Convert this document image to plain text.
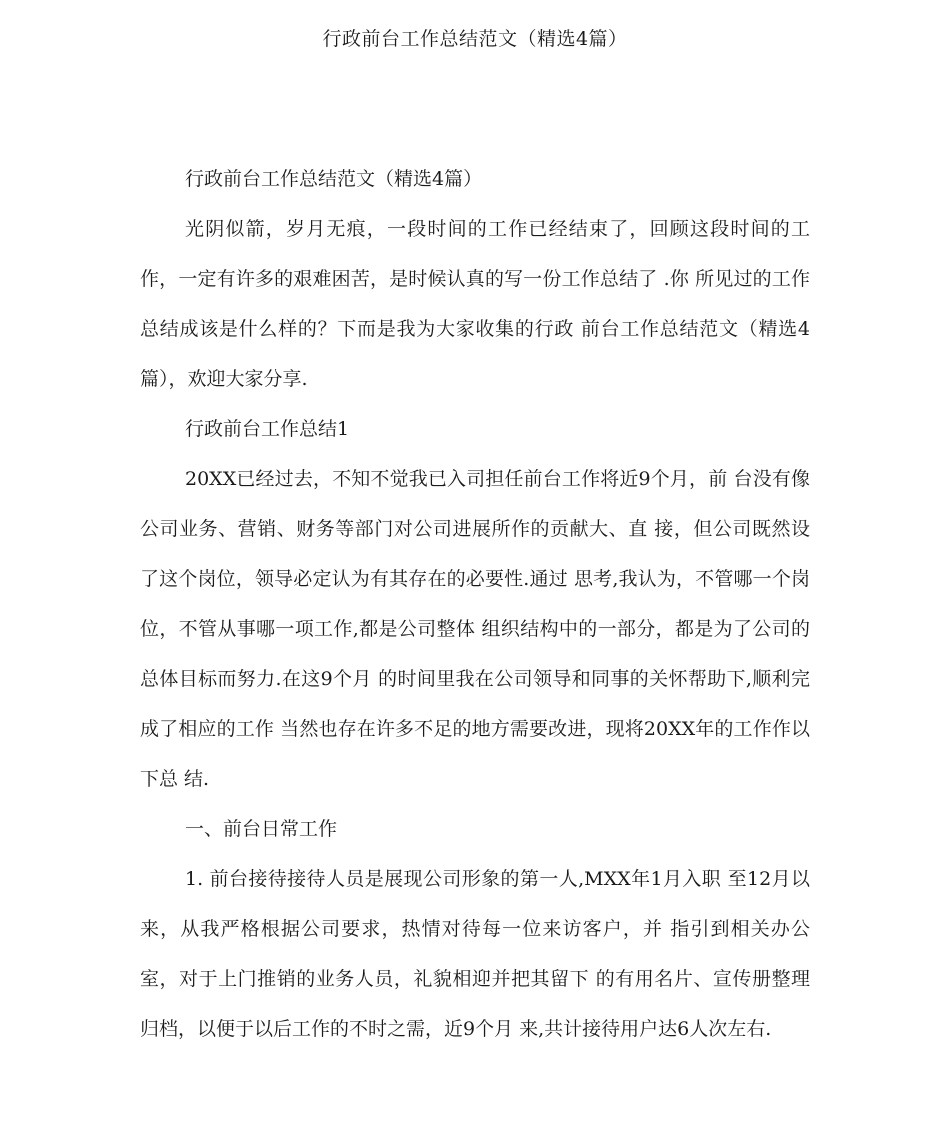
行政前台工作总结范文（精选4篇）

行政前台工作总结范文（精选4篇）

光阴似箭，岁月无痕，一段时间的工作已经结束了，回顾这段时间的工作，一定有许多的艰难困苦，是时候认真的写一份工作总结了 .你 所见过的工作总结成该是什么样的？下而是我为大家收集的行政 前台工作总结范文（精选4篇），欢迎大家分享.

行政前台工作总结1

20XX已经过去，不知不觉我已入司担任前台工作将近9个月，前 台没有像公司业务、营销、财务等部门对公司进展所作的贡献大、直 接，但公司既然设了这个岗位，领导必定认为有其存在的必要性.通过 思考,我认为，不管哪一个岗位，不管从事哪一项工作,都是公司整体 组织结构中的一部分，都是为了公司的总体目标而努力.在这9个月 的时间里我在公司领导和同事的关怀帮助下,顺利完成了相应的工作 当然也存在许多不足的地方需要改进，现将20XX年的工作作以下总 结.

一、前台日常工作

1. 前台接待接待人员是展现公司形象的第一人,MXX年1月入职 至12月以来，从我严格根据公司要求，热情对待每一位来访客户，并 指引到相关办公室，对于上门推销的业务人员，礼貌相迎并把其留下 的有用名片、宣传册整理归档，以便于以后工作的不时之需，近9个月 来,共计接待用户达6人次左右.
